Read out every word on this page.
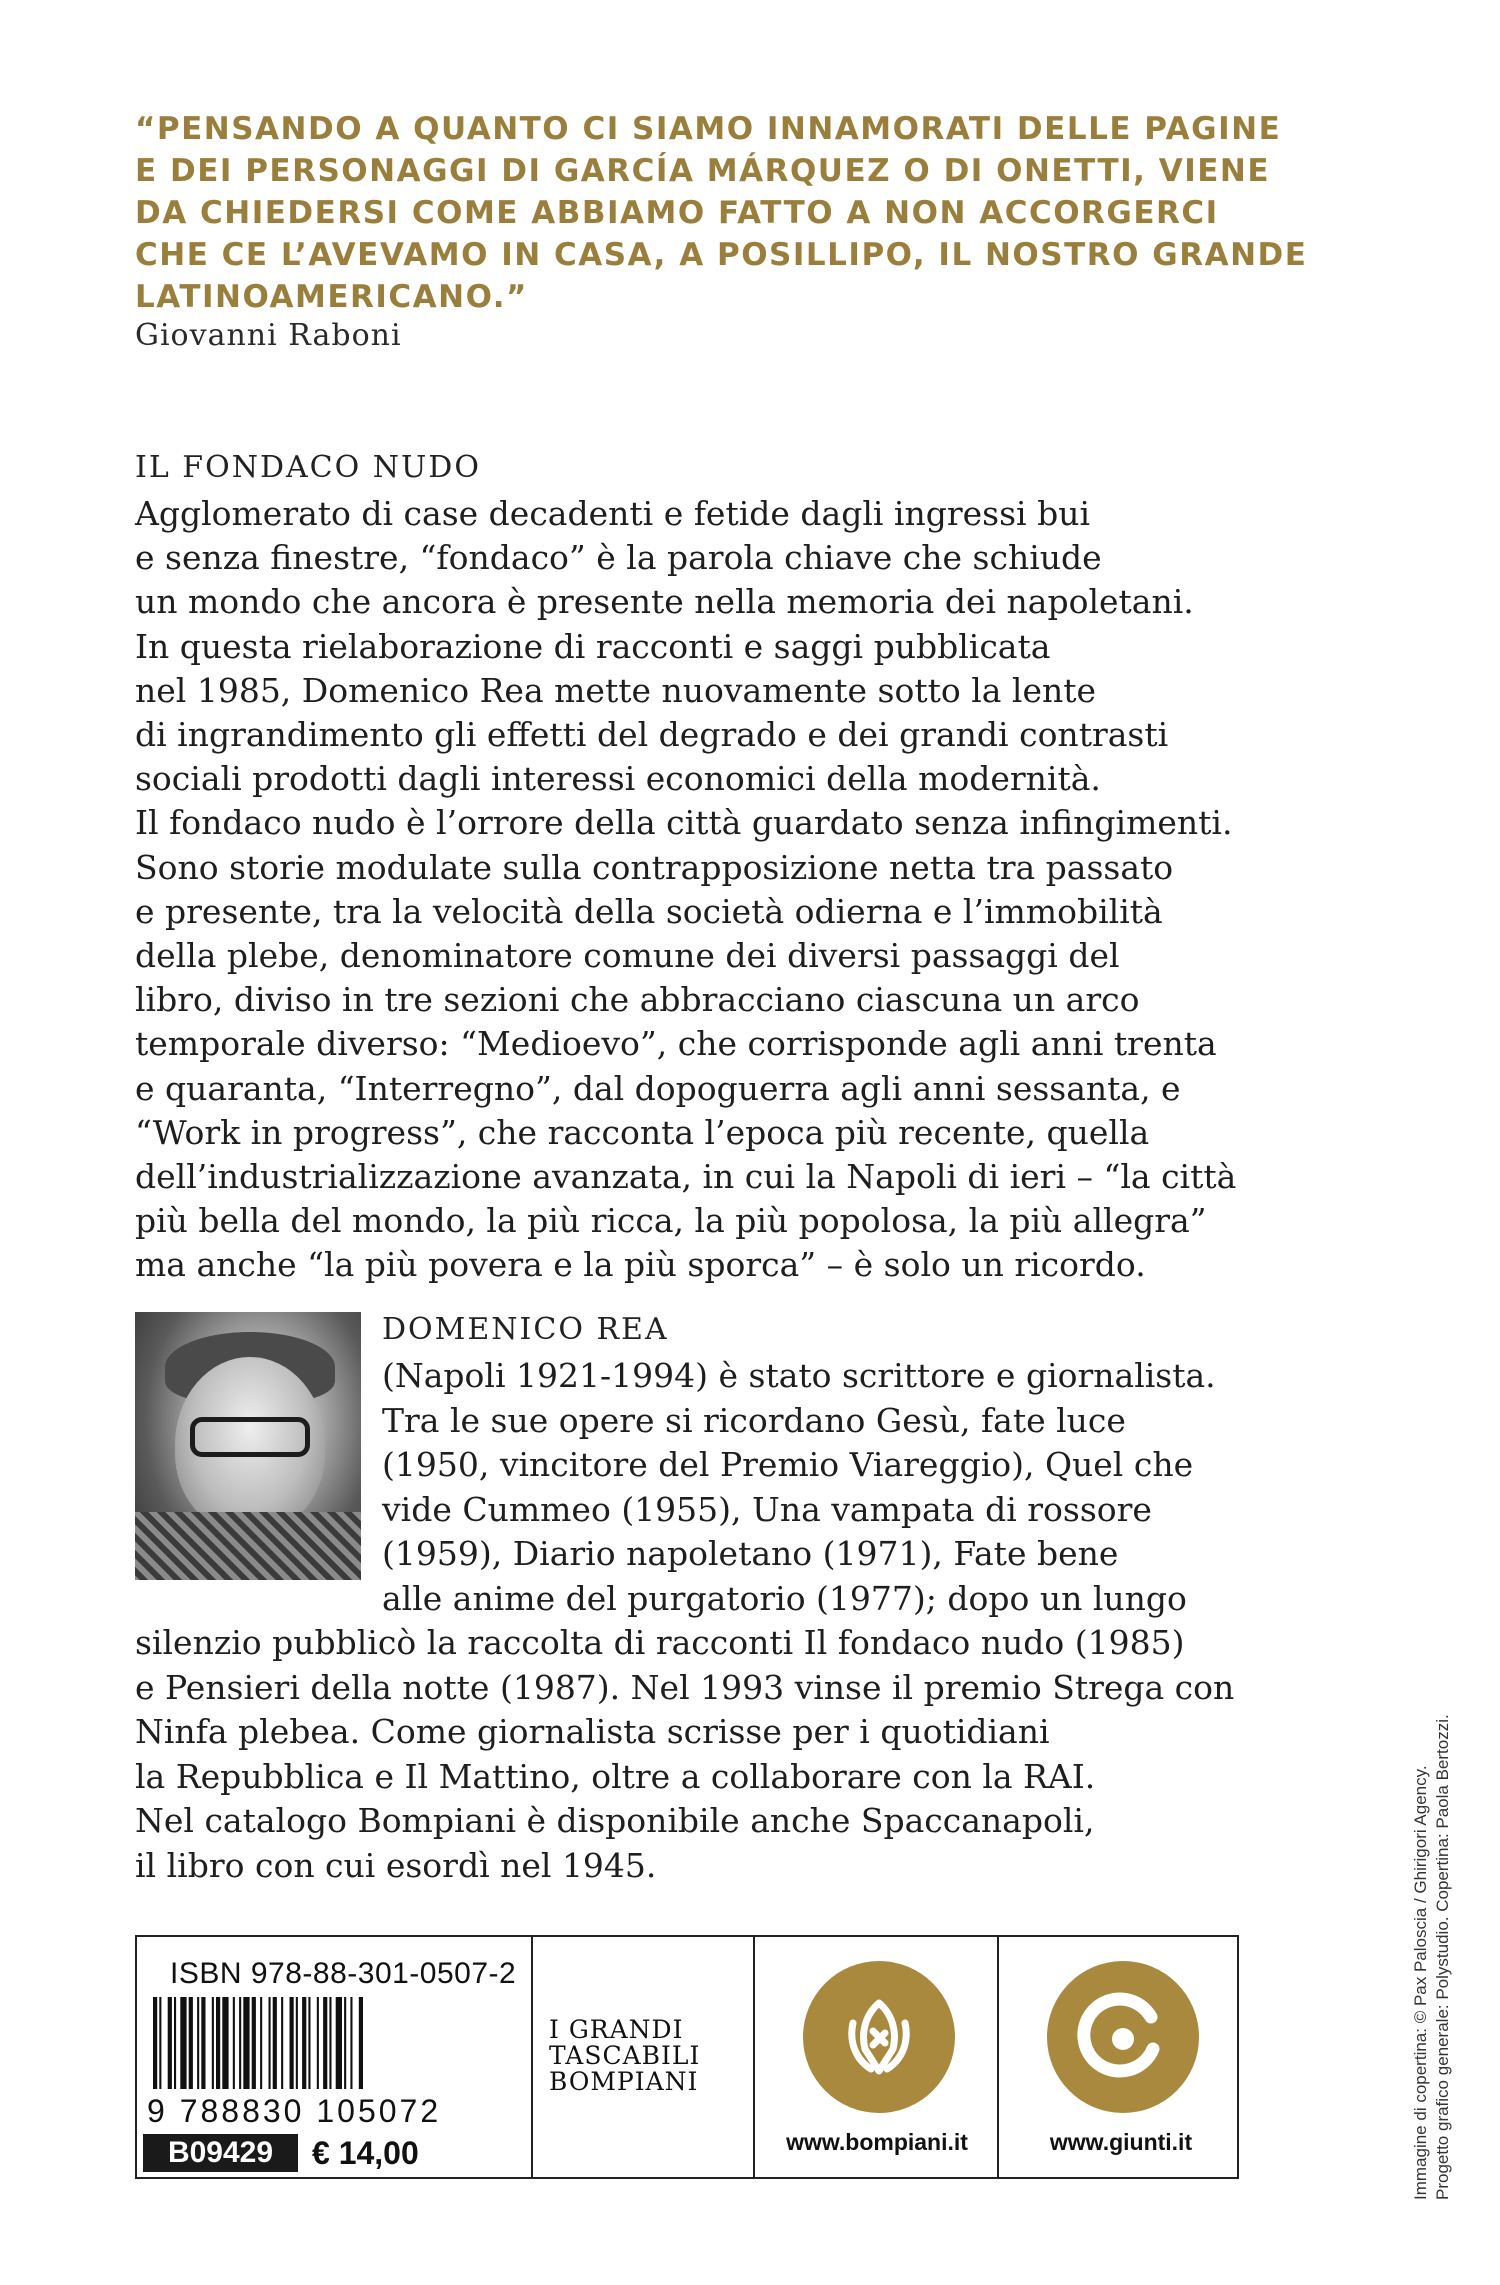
“PENSANDO A QUANTO CI SIAMO INNAMORATI DELLE PAGINE
E DEI PERSONAGGI DI GARCÍA MÁRQUEZ O DI ONETTI, VIENE
DA CHIEDERSI COME ABBIAMO FATTO A NON ACCORGERCI
CHE CE L’AVEVAMO IN CASA, A POSILLIPO, IL NOSTRO GRANDE
LATINOAMERICANO.”
Giovanni Raboni
IL FONDACO NUDO
Agglomerato di case decadenti e fetide dagli ingressi bui
e senza finestre, “fondaco” è la parola chiave che schiude
un mondo che ancora è presente nella memoria dei napoletani.
In questa rielaborazione di racconti e saggi pubblicata
nel 1985, Domenico Rea mette nuovamente sotto la lente
di ingrandimento gli effetti del degrado e dei grandi contrasti
sociali prodotti dagli interessi economici della modernità.
Il fondaco nudo è l’orrore della città guardato senza infingimenti.
Sono storie modulate sulla contrapposizione netta tra passato
e presente, tra la velocità della società odierna e l’immobilità
della plebe, denominatore comune dei diversi passaggi del
libro, diviso in tre sezioni che abbracciano ciascuna un arco
temporale diverso: “Medioevo”, che corrisponde agli anni trenta
e quaranta, “Interregno”, dal dopoguerra agli anni sessanta, e
“Work in progress”, che racconta l’epoca più recente, quella
dell’industrializzazione avanzata, in cui la Napoli di ieri – “la città
più bella del mondo, la più ricca, la più popolosa, la più allegra”
ma anche “la più povera e la più sporca” – è solo un ricordo.
DOMENICO REA
(Napoli 1921-1994) è stato scrittore e giornalista.
Tra le sue opere si ricordano Gesù, fate luce
(1950, vincitore del Premio Viareggio), Quel che
vide Cummeo (1955), Una vampata di rossore
(1959), Diario napoletano (1971), Fate bene
alle anime del purgatorio (1977); dopo un lungo
silenzio pubblicò la raccolta di racconti Il fondaco nudo (1985)
e Pensieri della notte (1987). Nel 1993 vinse il premio Strega con
Ninfa plebea. Come giornalista scrisse per i quotidiani
la Repubblica e Il Mattino, oltre a collaborare con la RAI.
Nel catalogo Bompiani è disponibile anche Spaccanapoli,
il libro con cui esordì nel 1945.	Immagine di copertina: © Pax Paloscia / Ghirigori Agency. Progetto grafico generale: Polystudio. Copertina: Paola Bertozzi.
ISBN 978-88-301-0507-2
9 788830 105072
B09429	€ 14,00
I GRANDI
TASCABILI
BOMPIANI
www.bompiani.it	www.giunti.it
